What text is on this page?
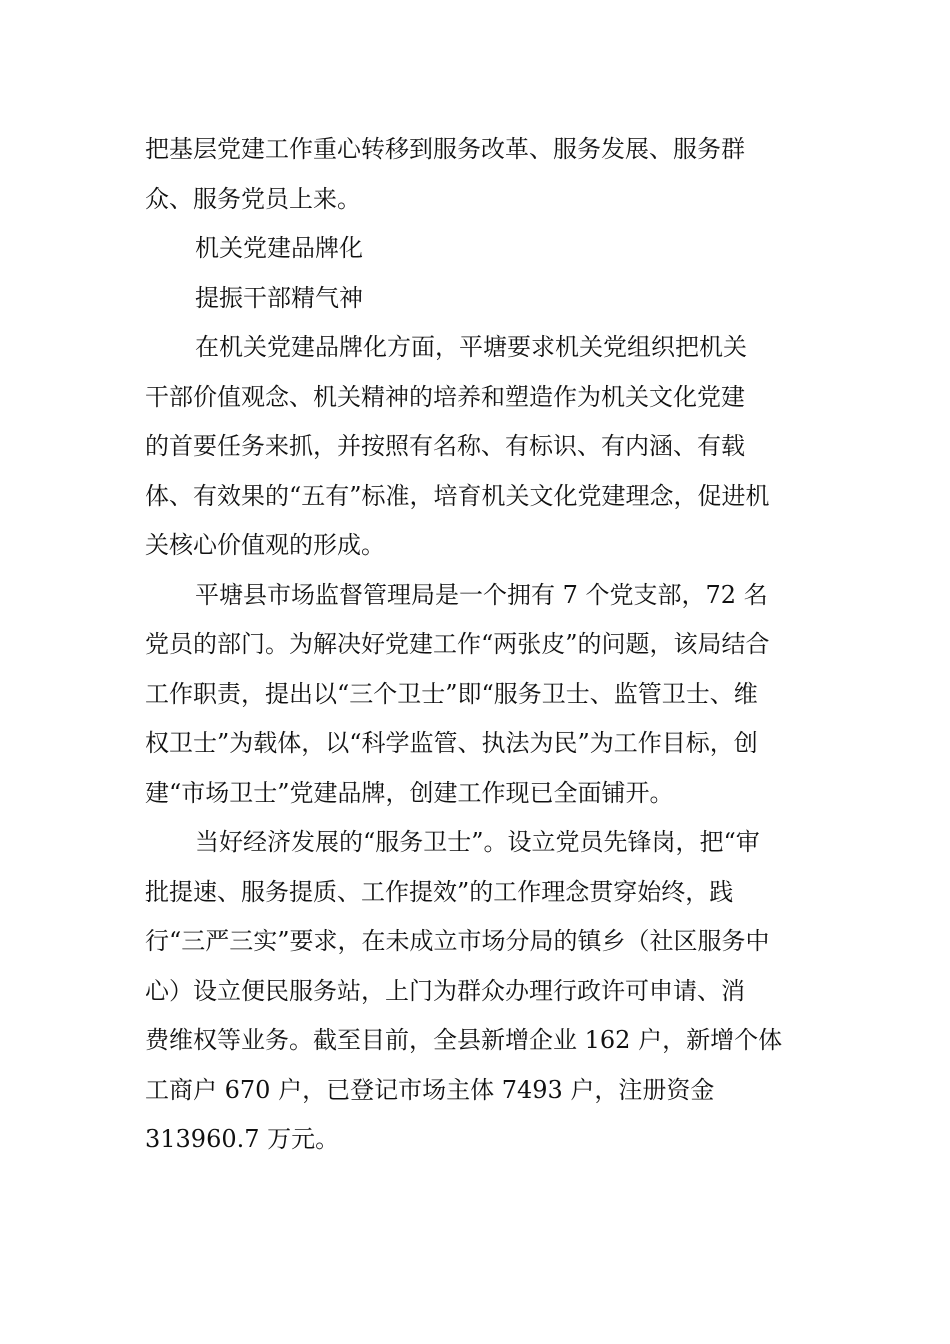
把基层党建工作重心转移到服务改革、服务发展、服务群
众、服务党员上来。
机关党建品牌化
提振干部精气神
在机关党建品牌化方面，平塘要求机关党组织把机关
干部价值观念、机关精神的培养和塑造作为机关文化党建
的首要任务来抓，并按照有名称、有标识、有内涵、有载
体、有效果的“五有”标准，培育机关文化党建理念，促进机
关核心价值观的形成。
平塘县市场监督管理局是一个拥有 7 个党支部，72 名
党员的部门。为解决好党建工作“两张皮”的问题，该局结合
工作职责，提出以“三个卫士”即“服务卫士、监管卫士、维
权卫士”为载体，以“科学监管、执法为民”为工作目标，创
建“市场卫士”党建品牌，创建工作现已全面铺开。
当好经济发展的“服务卫士”。设立党员先锋岗，把“审
批提速、服务提质、工作提效”的工作理念贯穿始终，践
行“三严三实”要求，在未成立市场分局的镇乡（社区服务中
心）设立便民服务站，上门为群众办理行政许可申请、消
费维权等业务。截至目前，全县新增企业 162 户，新增个体
工商户 670 户，已登记市场主体 7493 户，注册资金
313960.7 万元。
